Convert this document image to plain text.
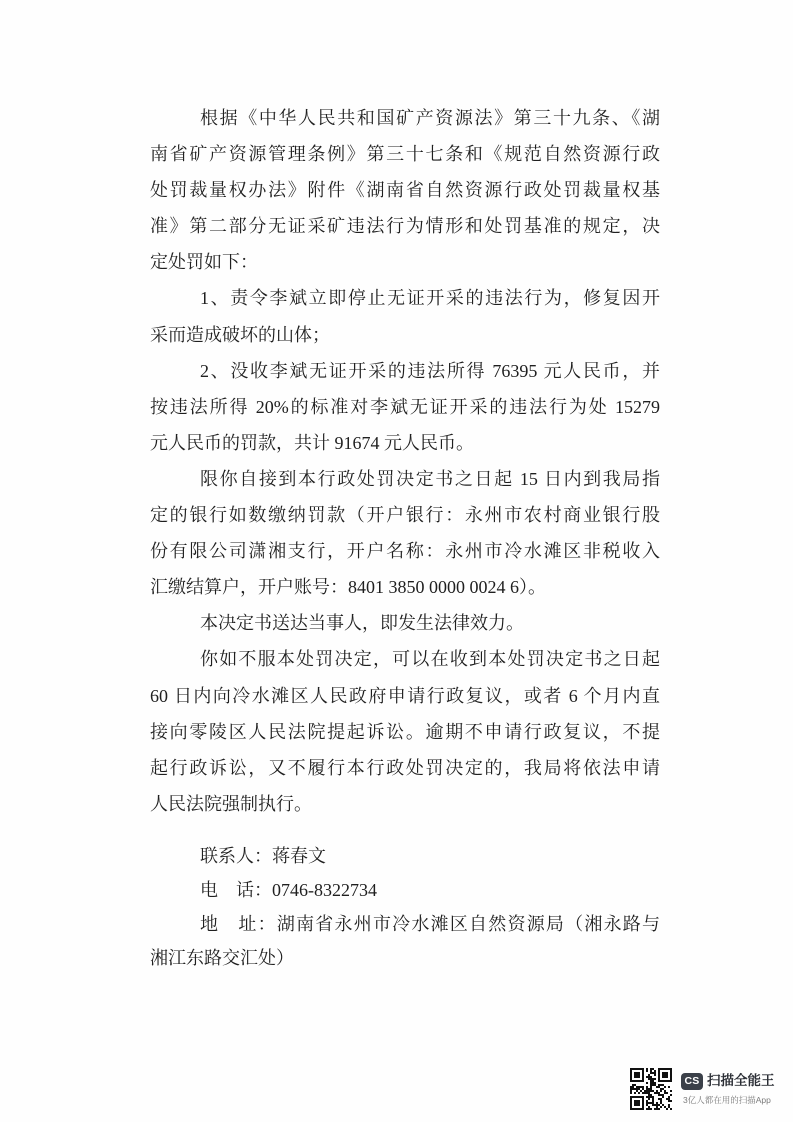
根据《中华人民共和国矿产资源法》第三十九条、《湖
南省矿产资源管理条例》第三十七条和《规范自然资源行政
处罚裁量权办法》附件《湖南省自然资源行政处罚裁量权基
准》第二部分无证采矿违法行为情形和处罚基准的规定，决
定处罚如下：
1、责令李斌立即停止无证开采的违法行为，修复因开
采而造成破坏的山体；
2、没收李斌无证开采的违法所得 76395 元人民币，并
按违法所得 20%的标准对李斌无证开采的违法行为处 15279
元人民币的罚款，共计 91674 元人民币。
限你自接到本行政处罚决定书之日起 15 日内到我局指
定的银行如数缴纳罚款（开户银行：永州市农村商业银行股
份有限公司潇湘支行，开户名称：永州市冷水滩区非税收入
汇缴结算户，开户账号：8401 3850 0000 0024 6）。
本决定书送达当事人，即发生法律效力。
你如不服本处罚决定，可以在收到本处罚决定书之日起
60 日内向冷水滩区人民政府申请行政复议，或者 6 个月内直
接向零陵区人民法院提起诉讼。逾期不申请行政复议，不提
起行政诉讼，又不履行本行政处罚决定的，我局将依法申请
人民法院强制执行。
联系人：蒋春文
电　话：0746-8322734
地　址：湖南省永州市冷水滩区自然资源局（湘永路与
湘江东路交汇处）
CS 扫描全能王
3亿人都在用的扫描App
